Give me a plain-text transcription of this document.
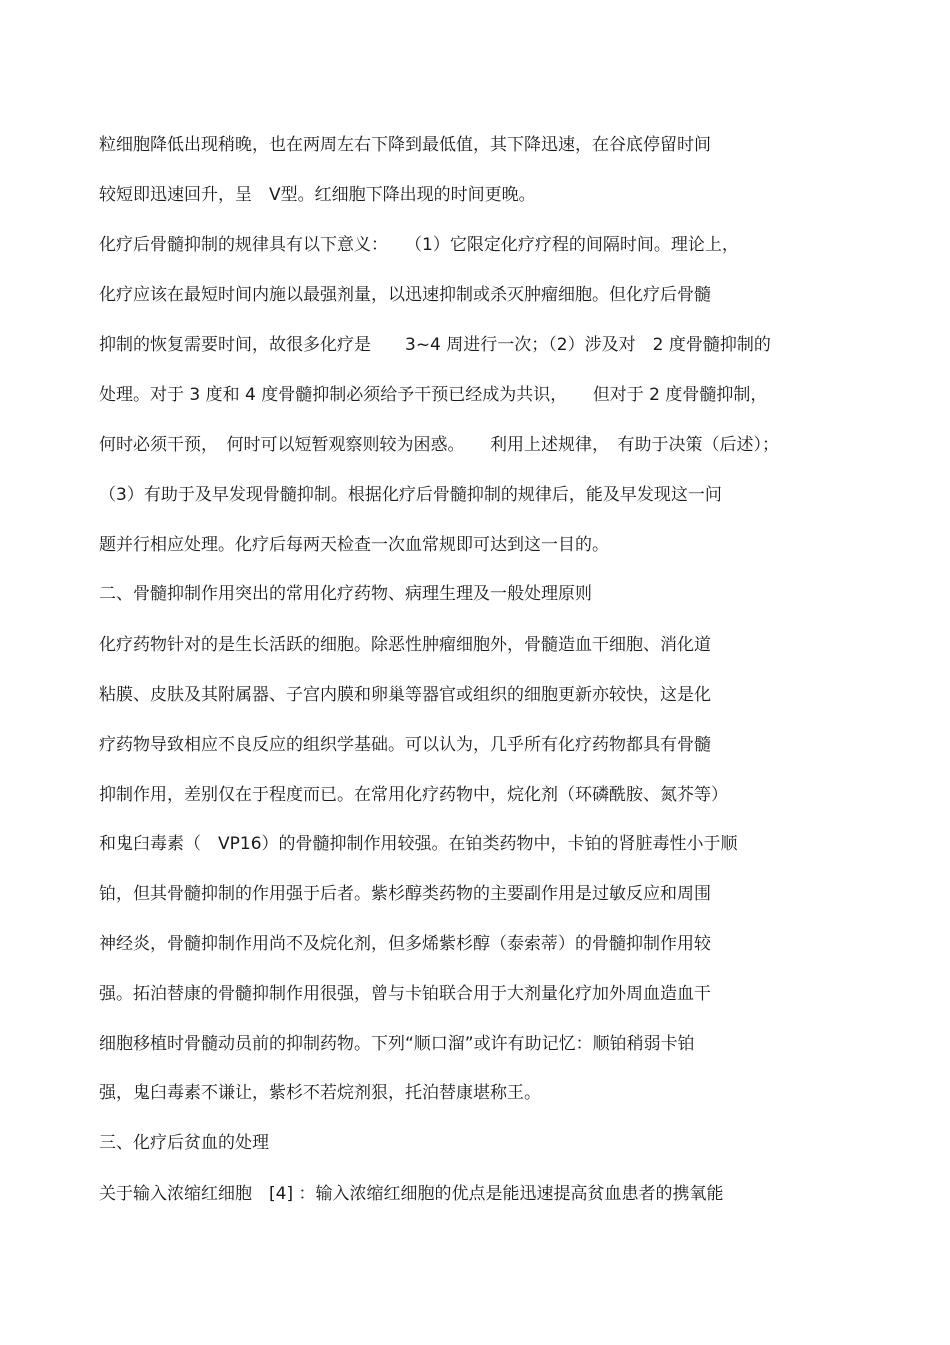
粒细胞降低出现稍晚，也在两周左右下降到最低值，其下降迅速，在谷底停留时间
较短即迅速回升，呈　V型。红细胞下降出现的时间更晚。
化疗后骨髓抑制的规律具有以下意义：　　（1）它限定化疗疗程的间隔时间。理论上，
化疗应该在最短时间内施以最强剂量，以迅速抑制或杀灭肿瘤细胞。但化疗后骨髓
抑制的恢复需要时间，故很多化疗是　　3~4 周进行一次；（2）涉及对　2 度骨髓抑制的
处理。对于 3 度和 4 度骨髓抑制必须给予干预已经成为共识，　　但对于 2 度骨髓抑制，
何时必须干预，　何时可以短暂观察则较为困惑。　　利用上述规律，　有助于决策（后述）；
（3）有助于及早发现骨髓抑制。根据化疗后骨髓抑制的规律后，能及早发现这一问
题并行相应处理。化疗后每两天检查一次血常规即可达到这一目的。
二、骨髓抑制作用突出的常用化疗药物、病理生理及一般处理原则
化疗药物针对的是生长活跃的细胞。除恶性肿瘤细胞外，骨髓造血干细胞、消化道
粘膜、皮肤及其附属器、子宫内膜和卵巢等器官或组织的细胞更新亦较快，这是化
疗药物导致相应不良反应的组织学基础。可以认为，几乎所有化疗药物都具有骨髓
抑制作用，差别仅在于程度而已。在常用化疗药物中，烷化剂（环磷酰胺、氮芥等）
和鬼臼毒素（　VP16）的骨髓抑制作用较强。在铂类药物中，卡铂的肾脏毒性小于顺
铂，但其骨髓抑制的作用强于后者。紫杉醇类药物的主要副作用是过敏反应和周围
神经炎，骨髓抑制作用尚不及烷化剂，但多烯紫杉醇（泰索蒂）的骨髓抑制作用较
强。拓泊替康的骨髓抑制作用很强，曾与卡铂联合用于大剂量化疗加外周血造血干
细胞移植时骨髓动员前的抑制药物。下列“顺口溜”或许有助记忆：顺铂稍弱卡铂
强，鬼臼毒素不谦让，紫杉不若烷剂狠，托泊替康堪称王。
三、化疗后贫血的处理
关于输入浓缩红细胞　[4] ：输入浓缩红细胞的优点是能迅速提高贫血患者的携氧能
